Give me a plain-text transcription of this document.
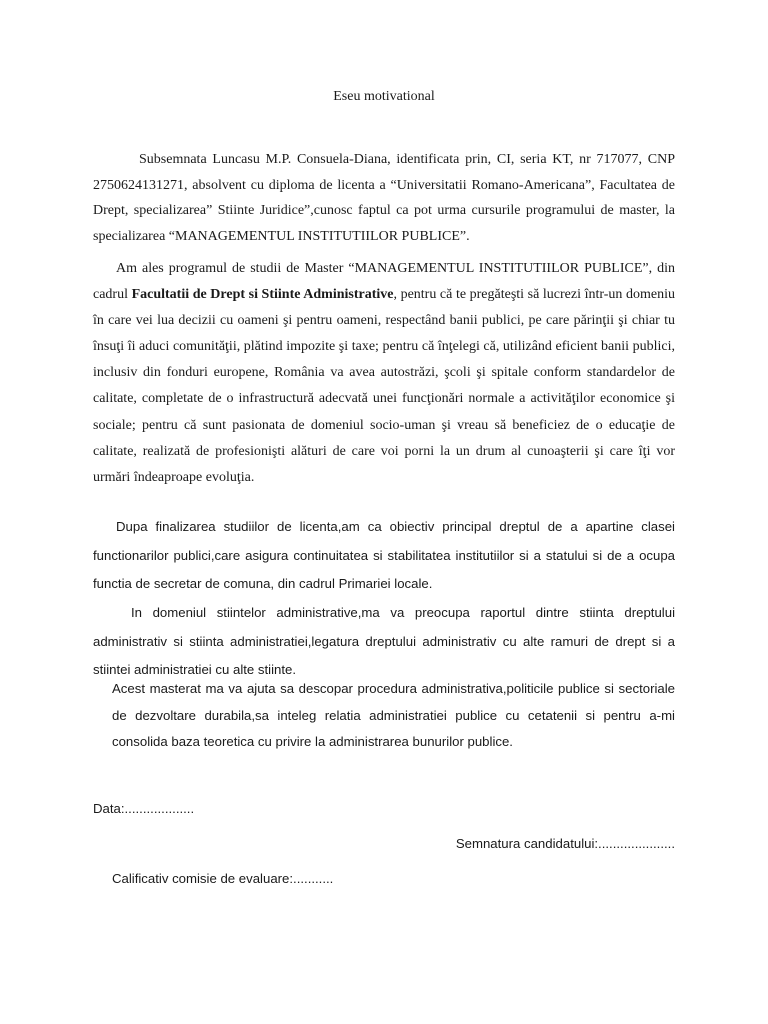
Eseu motivational

Subsemnata Luncasu M.P. Consuela-Diana, identificata prin, CI, seria KT, nr 717077, CNP 2750624131271, absolvent cu diploma de licenta a “Universitatii Romano-Americana”, Facultatea de Drept, specializarea” Stiinte Juridice”,cunosc faptul ca pot urma cursurile programului de master, la specializarea “MANAGEMENTUL INSTITUTIILOR PUBLICE”.

Am ales programul de studii de Master “MANAGEMENTUL INSTITUTIILOR PUBLICE”, din cadrul Facultatii de Drept si Stiinte Administrative, pentru că te pregăteşti să lucrezi într-un domeniu în care vei lua decizii cu oameni şi pentru oameni, respectând banii publici, pe care părinţii şi chiar tu însuţi îi aduci comunităţii, plătind impozite şi taxe; pentru că înţelegi că, utilizând eficient banii publici, inclusiv din fonduri europene, România va avea autostrăzi, şcoli şi spitale conform standardelor de calitate, completate de o infrastructură adecvată unei funcţionări normale a activităţilor economice şi sociale; pentru că sunt pasionata de domeniul socio-uman şi vreau să beneficiez de o educaţie de calitate, realizată de profesionişti alături de care voi porni la un drum al cunoaşterii şi care îţi vor urmări îndeaproape evoluţia.

Dupa finalizarea studiilor de licenta,am ca obiectiv principal dreptul de a apartine clasei functionarilor publici,care asigura continuitatea si stabilitatea institutiilor si a statului si de a ocupa functia de secretar de comuna, din cadrul Primariei locale.

In domeniul stiintelor administrative,ma va preocupa raportul dintre stiinta dreptului administrativ si stiinta administratiei,legatura dreptului administrativ cu alte ramuri de drept si a stiintei administratiei cu alte stiinte.

Acest masterat ma va ajuta sa descopar procedura administrativa,politicile publice si sectoriale de dezvoltare durabila,sa inteleg relatia administratiei publice cu cetatenii si pentru a-mi consolida baza teoretica cu privire la administrarea bunurilor publice.

Data:...................
Semnatura candidatului:.....................
Calificativ comisie de evaluare:...........
